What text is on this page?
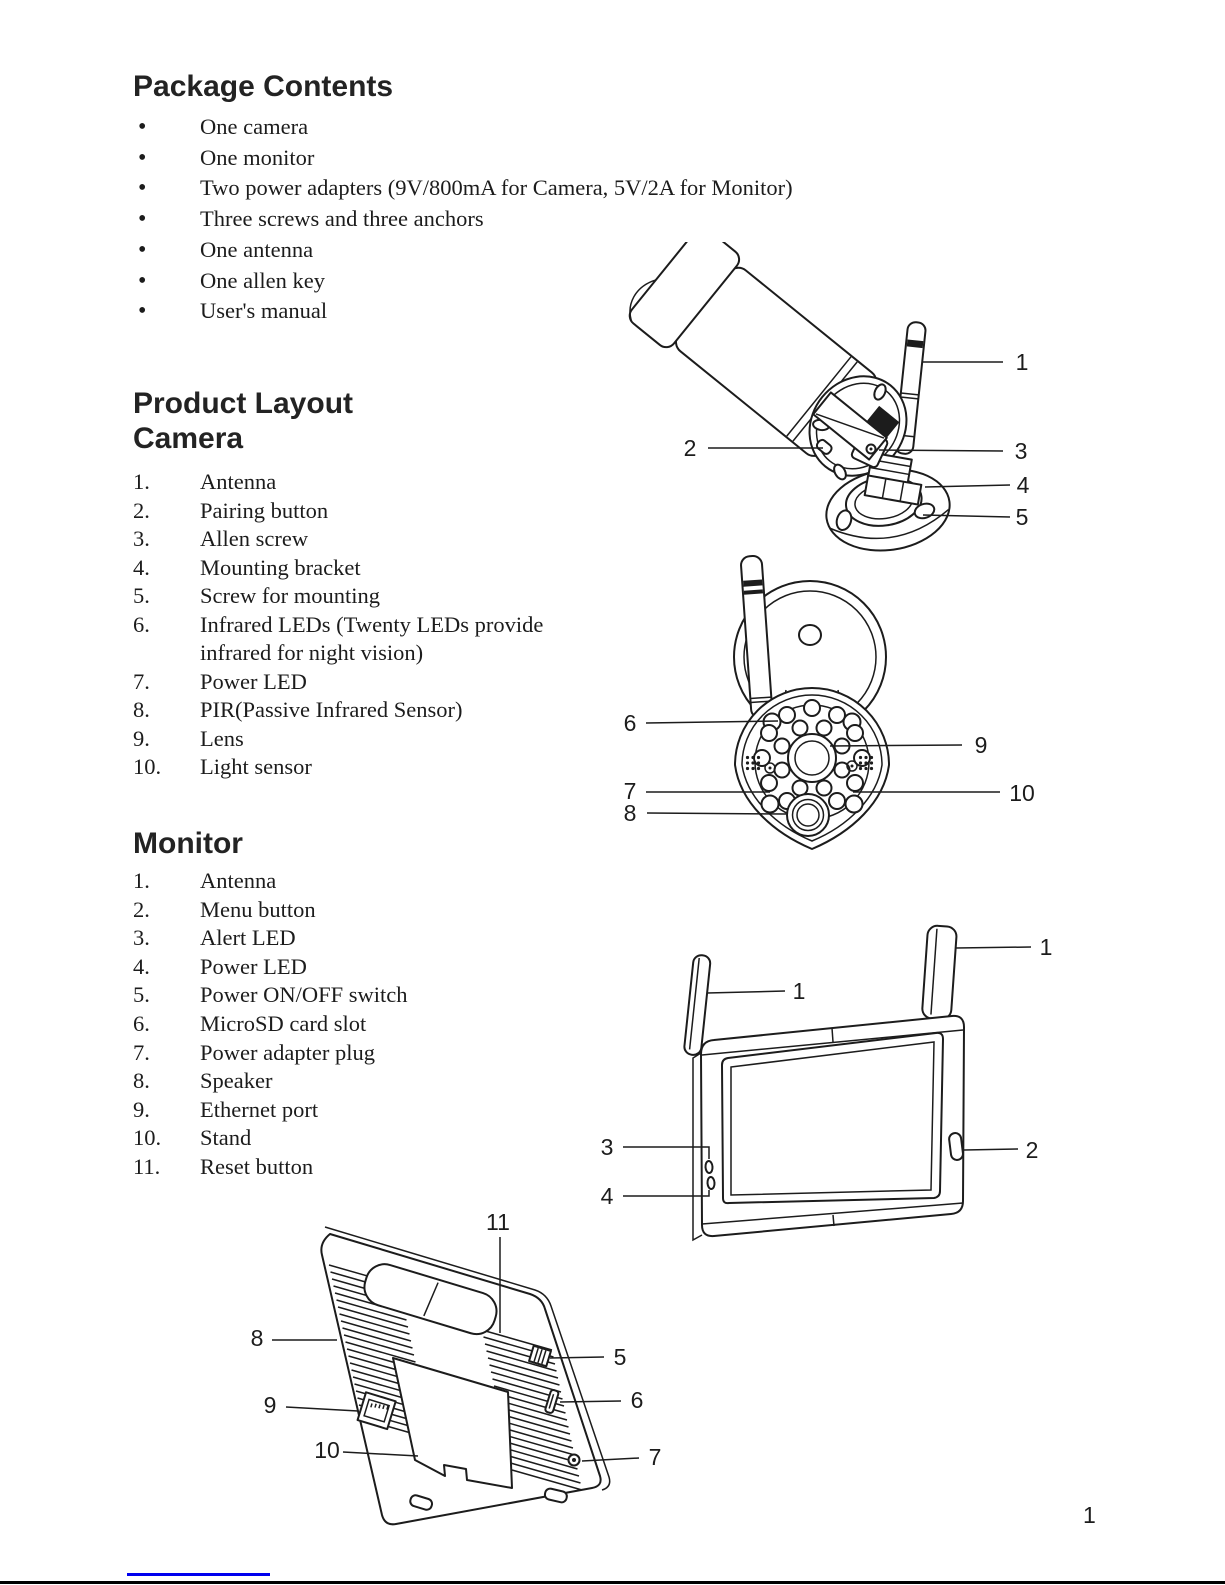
Package Contents
• One camera
• One monitor
• Two power adapters (9V/800mA for Camera, 5V/2A for Monitor)
• Three screws and three anchors
• One antenna
• One allen key
• User's manual
Product Layout
Camera
1. Antenna
2. Pairing button
3. Allen screw
4. Mounting bracket
5. Screw for mounting
6. Infrared LEDs (Twenty LEDs provide infrared for night vision)
7. Power LED
8. PIR(Passive Infrared Sensor)
9. Lens
10. Light sensor
Monitor
1. Antenna
2. Menu button
3. Alert LED
4. Power LED
5. Power ON/OFF switch
6. MicroSD card slot
7. Power adapter plug
8. Speaker
9. Ethernet port
10. Stand
11. Reset button
1
2	3
4
5
6
7
8
9
10
1
1
2
3
4
11
8
9
10
5
6
7
1
